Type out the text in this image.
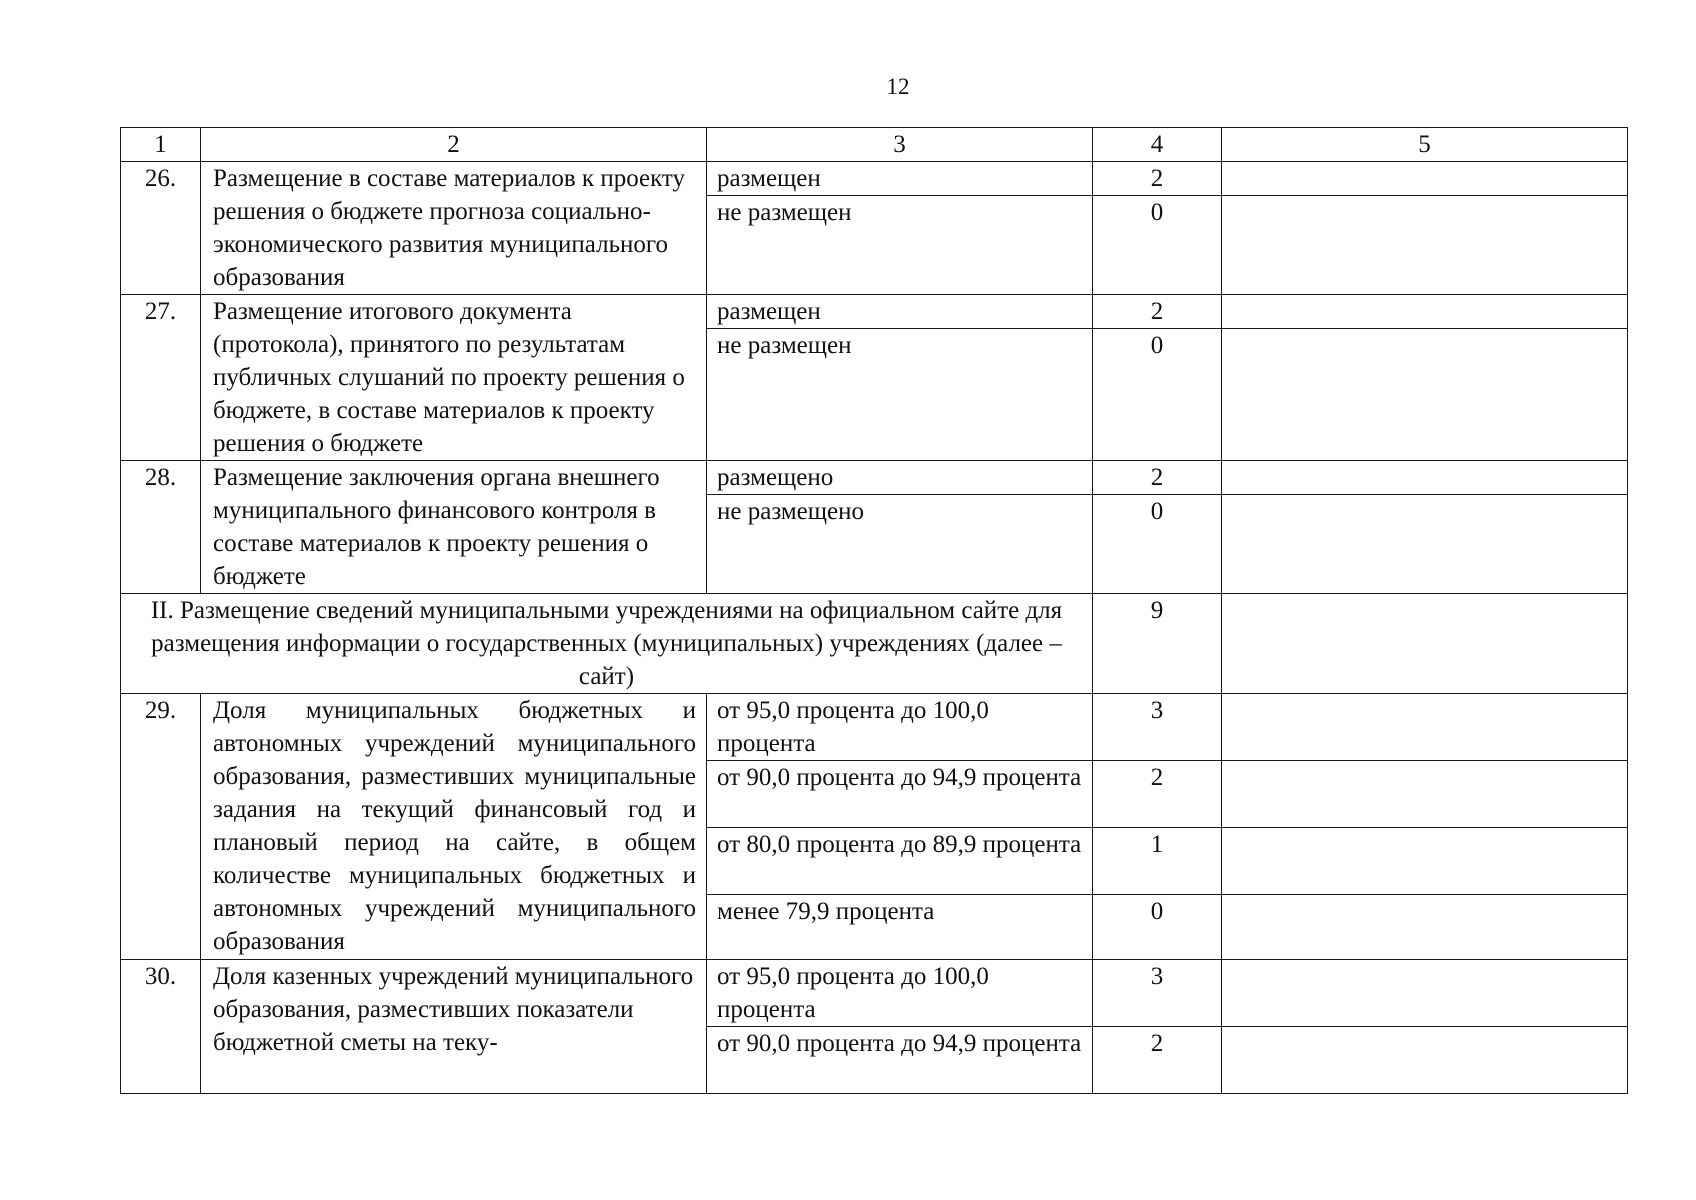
12
1	2	3	4	5
26.	Размещение в составе материалов к проекту решения о бюджете прогноза социально-экономического развития муниципального образования	размещен	2	
		не размещен	0	
27.	Размещение итогового документа (протокола), принятого по результатам публичных слушаний по проекту решения о бюджете, в составе материалов к проекту решения о бюджете	размещен	2	
		не размещен	0	
28.	Размещение заключения органа внешнего муниципального финансового контроля в составе материалов к проекту решения о бюджете	размещено	2	
		не размещено	0	
II. Размещение сведений муниципальными учреждениями на официальном сайте для размещения информации о государственных (муниципальных) учреждениях (далее – сайт)			9	
29.	Доля муниципальных бюджетных и автономных учреждений муниципального образования, разместивших муниципальные задания на текущий финансовый год и плановый период на сайте, в общем количестве муниципальных бюджетных и автономных учреждений муниципального образования	от 95,0 процента до 100,0 процента	3	
		от 90,0 процента до 94,9 процента	2	
		от 80,0 процента до 89,9 процента	1	
		менее 79,9 процента	0	
30.	Доля казенных учреждений муниципального образования, разместивших показатели бюджетной сметы на теку-	от 95,0 процента до 100,0 процента	3	
		от 90,0 процента до 94,9 процента	2	
